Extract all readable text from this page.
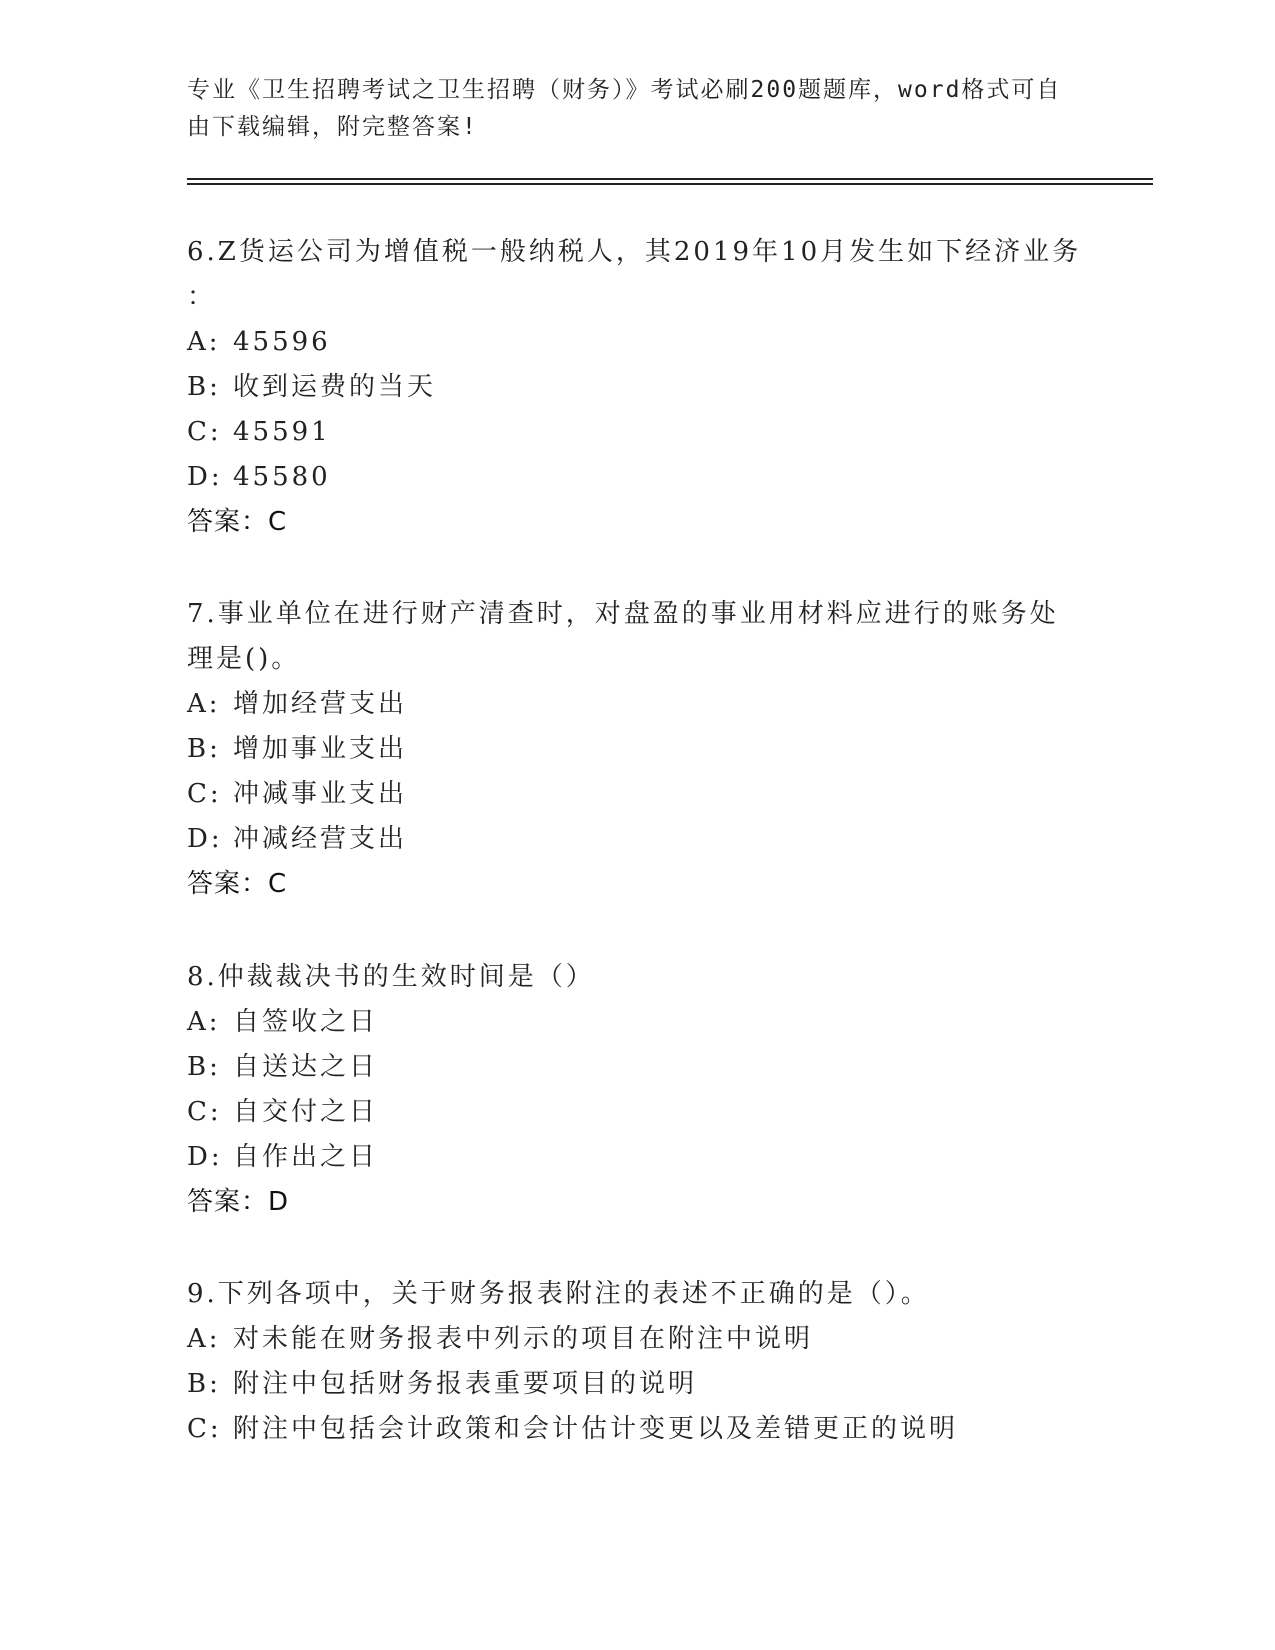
专业《卫生招聘考试之卫生招聘（财务）》考试必刷200题题库，word格式可自
由下载编辑，附完整答案!

6.Z货运公司为增值税一般纳税人，其2019年10月发生如下经济业务

：

A: 45596

B: 收到运费的当天

C: 45591

D: 45580

答案：C

7.事业单位在进行财产清查时，对盘盈的事业用材料应进行的账务处

理是()。

A: 增加经营支出

B: 增加事业支出

C: 冲减事业支出

D: 冲减经营支出

答案：C

8.仲裁裁决书的生效时间是（）

A: 自签收之日

B: 自送达之日

C: 自交付之日

D: 自作出之日

答案：D

9.下列各项中，关于财务报表附注的表述不正确的是（）。

A: 对未能在财务报表中列示的项目在附注中说明

B: 附注中包括财务报表重要项目的说明

C: 附注中包括会计政策和会计估计变更以及差错更正的说明
